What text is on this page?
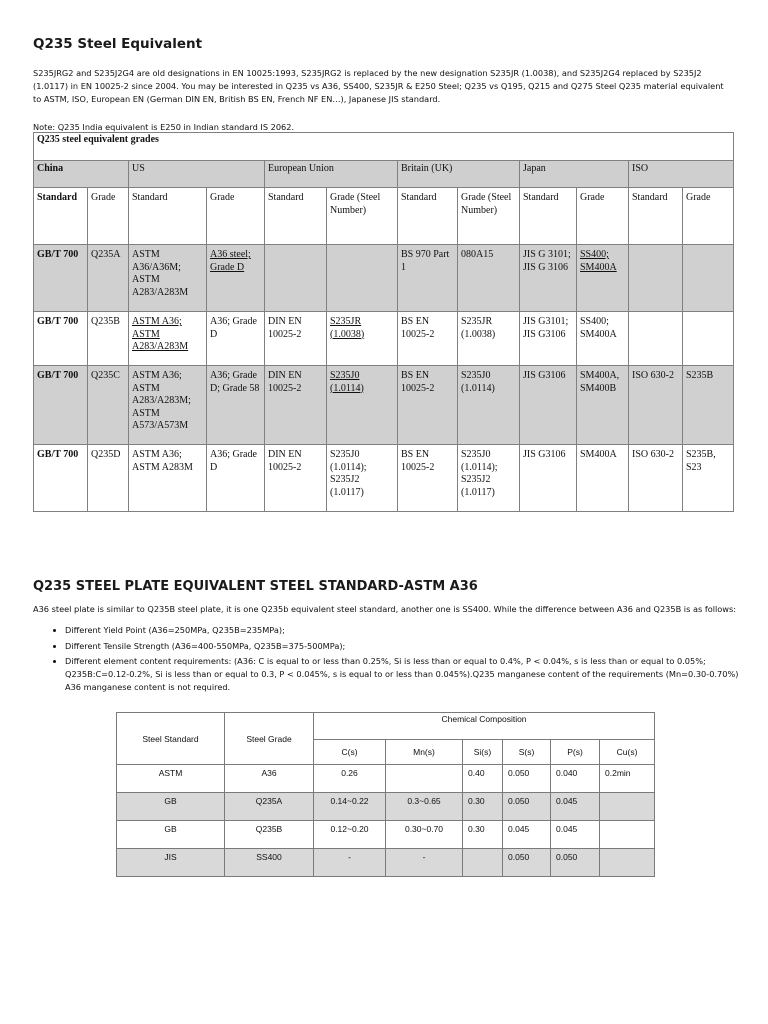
Q235 Steel Equivalent
S235JRG2 and S235J2G4 are old designations in EN 10025:1993, S235JRG2 is replaced by the new designation S235JR (1.0038), and S235J2G4 replaced by S235J2 (1.0117) in EN 10025-2 since 2004. You may be interested in Q235 vs A36, SS400, S235JR & E250 Steel; Q235 vs Q195, Q215 and Q275 Steel Q235 material equivalent to ASTM, ISO, European EN (German DIN EN, British BS EN, French NF EN…), Japanese JIS standard.
Note: Q235 India equivalent is E250 in Indian standard IS 2062.
Q235 steel equivalent grades											
China		US		European Union		Britain (UK)		Japan		ISO	
Standard	Grade	Standard	Grade	Standard	Grade (Steel Number)	Standard	Grade (Steel Number)	Standard	Grade	Standard	Grade
GB/T 700	Q235A	ASTM A36/A36M; ASTM A283/A283M	A36 steel; Grade D			BS 970 Part 1	080A15	JIS G 3101; JIS G 3106	SS400; SM400A		
GB/T 700	Q235B	ASTM A36; ASTM A283/A283M	A36; Grade D	DIN EN 10025-2	S235JR (1.0038)	BS EN 10025-2	S235JR (1.0038)	JIS G3101; JIS G3106	SS400; SM400A		
GB/T 700	Q235C	ASTM A36; ASTM A283/A283M; ASTM A573/A573M	A36; Grade D; Grade 58	DIN EN 10025-2	S235J0 (1.0114)	BS EN 10025-2	S235J0 (1.0114)	JIS G3106	SM400A, SM400B	ISO 630-2	S235B
GB/T 700	Q235D	ASTM A36; ASTM A283M	A36; Grade D	DIN EN 10025-2	S235J0 (1.0114); S235J2 (1.0117)	BS EN 10025-2	S235J0 (1.0114); S235J2 (1.0117)	JIS G3106	SM400A	ISO 630-2	S235B, S23
Q235 STEEL PLATE EQUIVALENT STEEL STANDARD-ASTM A36
A36 steel plate is similar to Q235B steel plate, it is one Q235b equivalent steel standard, another one is SS400. While the difference between A36 and Q235B is as follows:
• Different Yield Point (A36=250MPa, Q235B=235MPa);
• Different Tensile Strength (A36=400-550MPa, Q235B=375-500MPa);
• Different element content requirements: (A36: C is equal to or less than 0.25%, Si is less than or equal to 0.4%, P < 0.04%, s is less than or equal to 0.05%; Q235B:C=0.12-0.2%, Si is less than or equal to 0.3, P < 0.045%, s is equal to or less than 0.045%).Q235 manganese content of the requirements (Mn=0.30-0.70%) A36 manganese content is not required.
Steel Standard	Steel Grade	Chemical Composition					
		C(s)	Mn(s)	Si(s)	S(s)	P(s)	Cu(s)
ASTM	A36	0.26		0.40	0.050	0.040	0.2min
GB	Q235A	0.14~0.22	0.3~0.65	0.30	0.050	0.045	
GB	Q235B	0.12~0.20	0.30~0.70	0.30	0.045	0.045	
JIS	SS400	-	-		0.050	0.050	
